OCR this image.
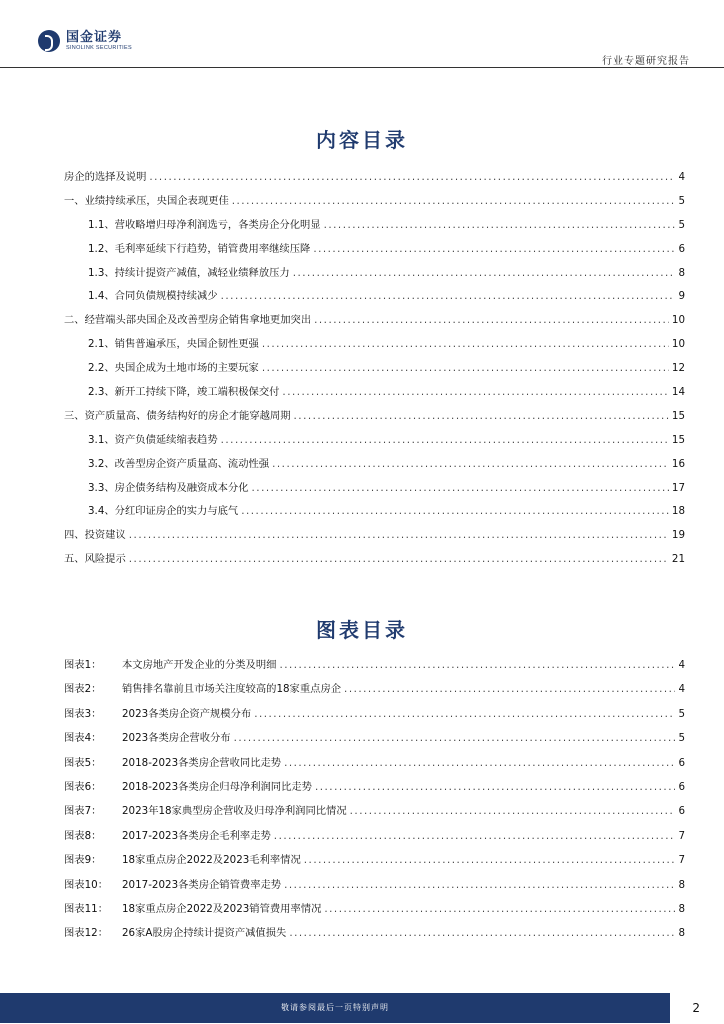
国金证券
SINOLINK SECURITIES
行业专题研究报告
内容目录
房企的选择及说明 .....	4
一、业绩持续承压，央国企表现更佳 .....	5
1.1、营收略增归母净利润选亏，各类房企分化明显 .....	5
1.2、毛利率延续下行趋势，销管费用率继续压降 .....	6
1.3、持续计提资产减值，减轻业绩释放压力 .....	8
1.4、合同负债规模持续减少 .....	9
二、经营端头部央国企及改善型房企销售拿地更加突出 .....	10
2.1、销售普遍承压，央国企韧性更强 .....	10
2.2、央国企成为土地市场的主要玩家 .....	12
2.3、新开工持续下降，竣工端积极保交付 .....	14
三、资产质量高、债务结构好的房企才能穿越周期 .....	15
3.1、资产负债延续缩表趋势 .....	15
3.2、改善型房企资产质量高、流动性强 .....	16
3.3、房企债务结构及融资成本分化 .....	17
3.4、分红印证房企的实力与底气 .....	18
四、投资建议 .....	19
五、风险提示 .....	21
图表目录
图表1：	本文房地产开发企业的分类及明细 .....	4
图表2：	销售排名靠前且市场关注度较高的18家重点房企 .....	4
图表3：	2023各类房企资产规模分布 .....	5
图表4：	2023各类房企营收分布 .....	5
图表5：	2018-2023各类房企营收同比走势 .....	6
图表6：	2018-2023各类房企归母净利润同比走势 .....	6
图表7：	2023年18家典型房企营收及归母净利润同比情况 .....	6
图表8：	2017-2023各类房企毛利率走势 .....	7
图表9：	18家重点房企2022及2023毛利率情况 .....	7
图表10：	2017-2023各类房企销管费率走势 .....	8
图表11：	18家重点房企2022及2023销管费用率情况 .....	8
图表12：	26家A股房企持续计提资产减值损失 .....	8
敬请参阅最后一页特别声明	2
